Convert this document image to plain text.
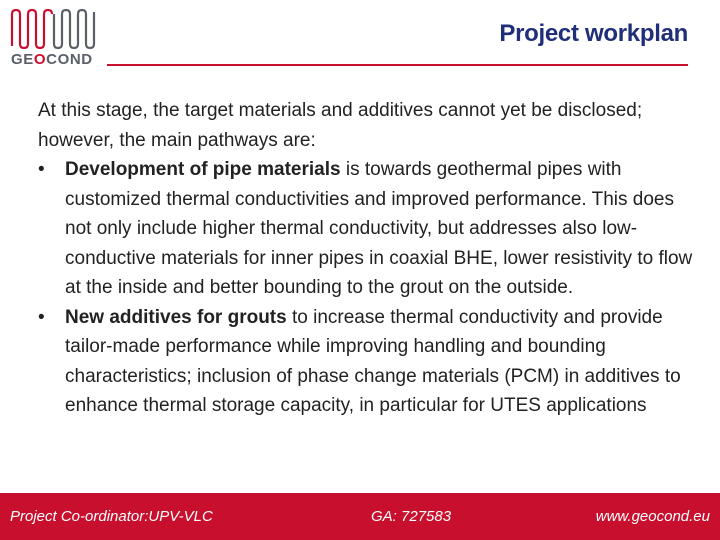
GEOCOND
Project workplan

At this stage, the target materials and additives cannot yet be disclosed; however, the main pathways are:

• Development of pipe materials is towards geothermal pipes with customized thermal conductivities and improved performance. This does not only include higher thermal conductivity, but addresses also low-conductive materials for inner pipes in coaxial BHE, lower resistivity to flow at the inside and better bounding to the grout on the outside.
• New additives for grouts to increase thermal conductivity and provide tailor-made performance while improving handling and bounding characteristics; inclusion of phase change materials (PCM) in additives to enhance thermal storage capacity, in particular for UTES applications
Project Co-ordinator:UPV-VLC	GA: 727583	www.geocond.eu
